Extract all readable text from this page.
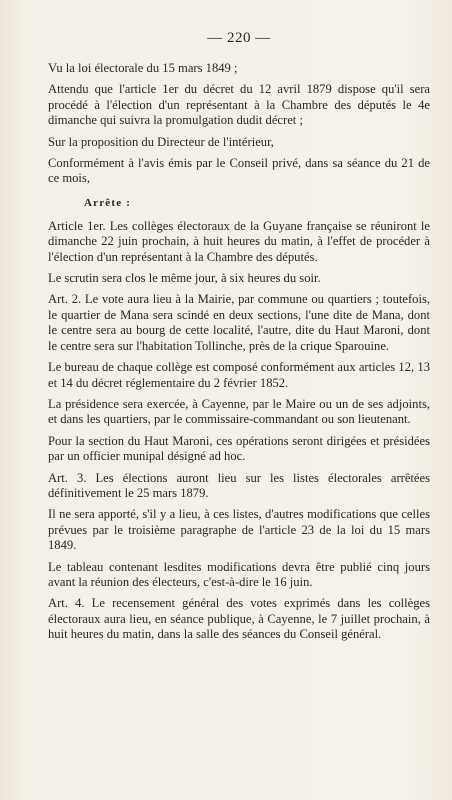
— 220 —

Vu la loi électorale du 15 mars 1849 ;

Attendu que l'article 1er du décret du 12 avril 1879 dispose qu'il sera procédé à l'élection d'un représentant à la Chambre des députés le 4e dimanche qui suivra la promulgation dudit décret ;

Sur la proposition du Directeur de l'intérieur,

Conformément à l'avis émis par le Conseil privé, dans sa séance du 21 de ce mois,

Arrête :

Article 1er. Les collèges électoraux de la Guyane française se réuniront le dimanche 22 juin prochain, à huit heures du matin, à l'effet de procéder à l'élection d'un représentant à la Chambre des députés.

Le scrutin sera clos le même jour, à six heures du soir.

Art. 2. Le vote aura lieu à la Mairie, par commune ou quartiers ; toutefois, le quartier de Mana sera scindé en deux sections, l'une dite de Mana, dont le centre sera au bourg de cette localité, l'autre, dite du Haut Maroni, dont le centre sera sur l'habitation Tollinche, près de la crique Sparouine.

Le bureau de chaque collège est composé conformément aux articles 12, 13 et 14 du décret réglementaire du 2 février 1852.

La présidence sera exercée, à Cayenne, par le Maire ou un de ses adjoints, et dans les quartiers, par le commissaire-commandant ou son lieutenant.

Pour la section du Haut Maroni, ces opérations seront dirigées et présidées par un officier munipal désigné ad hoc.

Art. 3. Les élections auront lieu sur les listes électorales arrêtées définitivement le 25 mars 1879.

Il ne sera apporté, s'il y a lieu, à ces listes, d'autres modifications que celles prévues par le troisième paragraphe de l'article 23 de la loi du 15 mars 1849.

Le tableau contenant lesdites modifications devra être publié cinq jours avant la réunion des électeurs, c'est-à-dire le 16 juin.

Art. 4. Le recensement général des votes exprimés dans les collèges électoraux aura lieu, en séance publique, à Cayenne, le 7 juillet prochain, à huit heures du matin, dans la salle des séances du Conseil général.
